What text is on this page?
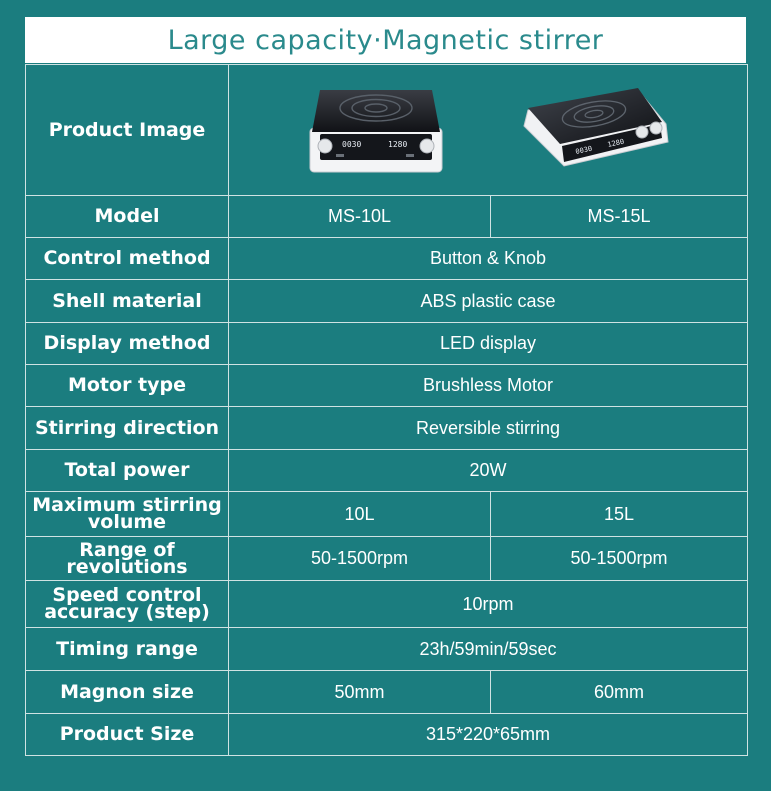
Large capacity·Magnetic stirrer
Product Image	0030 1280
0030
1280	

Model	MS-10L	MS-15L
Control method	Button & Knob	
Shell material	ABS plastic case	
Display method	LED display	
Motor type	Brushless Motor	
Stirring direction	Reversible stirring	
Total power	20W	
Maximum stirring volume	10L	15L
Range of revolutions	50-1500rpm	50-1500rpm
Speed control accuracy (step)	10rpm	
Timing range	23h/59min/59sec	
Magnon size	50mm	60mm
Product Size	315*220*65mm	
